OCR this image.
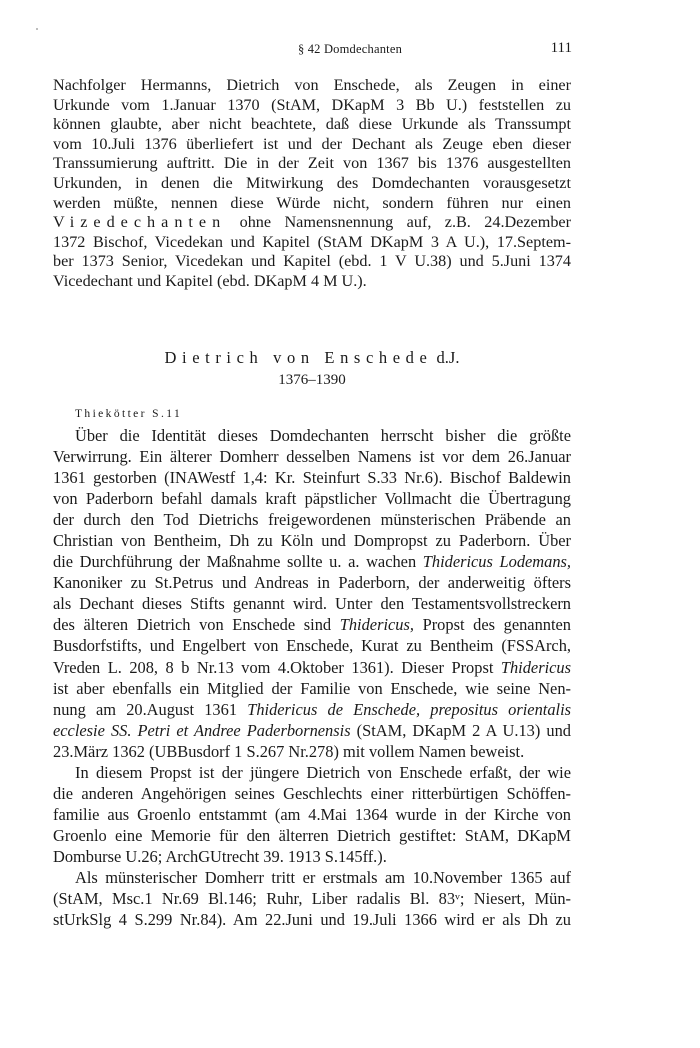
§ 42 Domdechanten	111
Nachfolger Hermanns, Dietrich von Enschede, als Zeugen in einer
Urkunde vom 1.Januar 1370 (StAM, DKapM 3 Bb U.) feststellen zu
können glaubte, aber nicht beachtete, daß diese Urkunde als Transsumpt
vom 10.Juli 1376 überliefert ist und der Dechant als Zeuge eben dieser
Transsumierung auftritt. Die in der Zeit von 1367 bis 1376 ausgestellten
Urkunden, in denen die Mitwirkung des Domdechanten vorausgesetzt
werden müßte, nennen diese Würde nicht, sondern führen nur einen
Vizedechanten ohne Namensnennung auf, z.B. 24.Dezember
1372 Bischof, Vicedekan und Kapitel (StAM DKapM 3 A U.), 17.Septem-
ber 1373 Senior, Vicedekan und Kapitel (ebd. 1 V U.38) und 5.Juni 1374
Vicedechant und Kapitel (ebd. DKapM 4 M U.).
Dietrich von Enschede d.J.
1376–1390
Thiekötter S.11
Über die Identität dieses Domdechanten herrscht bisher die größte
Verwirrung. Ein älterer Domherr desselben Namens ist vor dem 26.Januar
1361 gestorben (INAWestf 1,4: Kr. Steinfurt S.33 Nr.6). Bischof Baldewin
von Paderborn befahl damals kraft päpstlicher Vollmacht die Übertragung
der durch den Tod Dietrichs freigewordenen münsterischen Präbende an
Christian von Bentheim, Dh zu Köln und Dompropst zu Paderborn. Über
die Durchführung der Maßnahme sollte u. a. wachen Thidericus Lodemans,
Kanoniker zu St.Petrus und Andreas in Paderborn, der anderweitig öfters
als Dechant dieses Stifts genannt wird. Unter den Testamentsvollstreckern
des älteren Dietrich von Enschede sind Thidericus, Propst des genannten
Busdorfstifts, und Engelbert von Enschede, Kurat zu Bentheim (FSSArch,
Vreden L. 208, 8 b Nr.13 vom 4.Oktober 1361). Dieser Propst Thidericus
ist aber ebenfalls ein Mitglied der Familie von Enschede, wie seine Nen-
nung am 20.August 1361 Thidericus de Enschede, prepositus orientalis
ecclesie SS. Petri et Andree Paderbornensis (StAM, DKapM 2 A U.13) und
23.März 1362 (UBBusdorf 1 S.267 Nr.278) mit vollem Namen beweist.
In diesem Propst ist der jüngere Dietrich von Enschede erfaßt, der wie
die anderen Angehörigen seines Geschlechts einer ritterbürtigen Schöffen-
familie aus Groenlo entstammt (am 4.Mai 1364 wurde in der Kirche von
Groenlo eine Memorie für den älterren Dietrich gestiftet: StAM, DKapM
Domburse U.26; ArchGUtrecht 39. 1913 S.145ff.).
Als münsterischer Domherr tritt er erstmals am 10.November 1365 auf
(StAM, Msc.1 Nr.69 Bl.146; Ruhr, Liber radalis Bl. 83ᵛ; Niesert, Mün-
stUrkSlg 4 S.299 Nr.84). Am 22.Juni und 19.Juli 1366 wird er als Dh zu
